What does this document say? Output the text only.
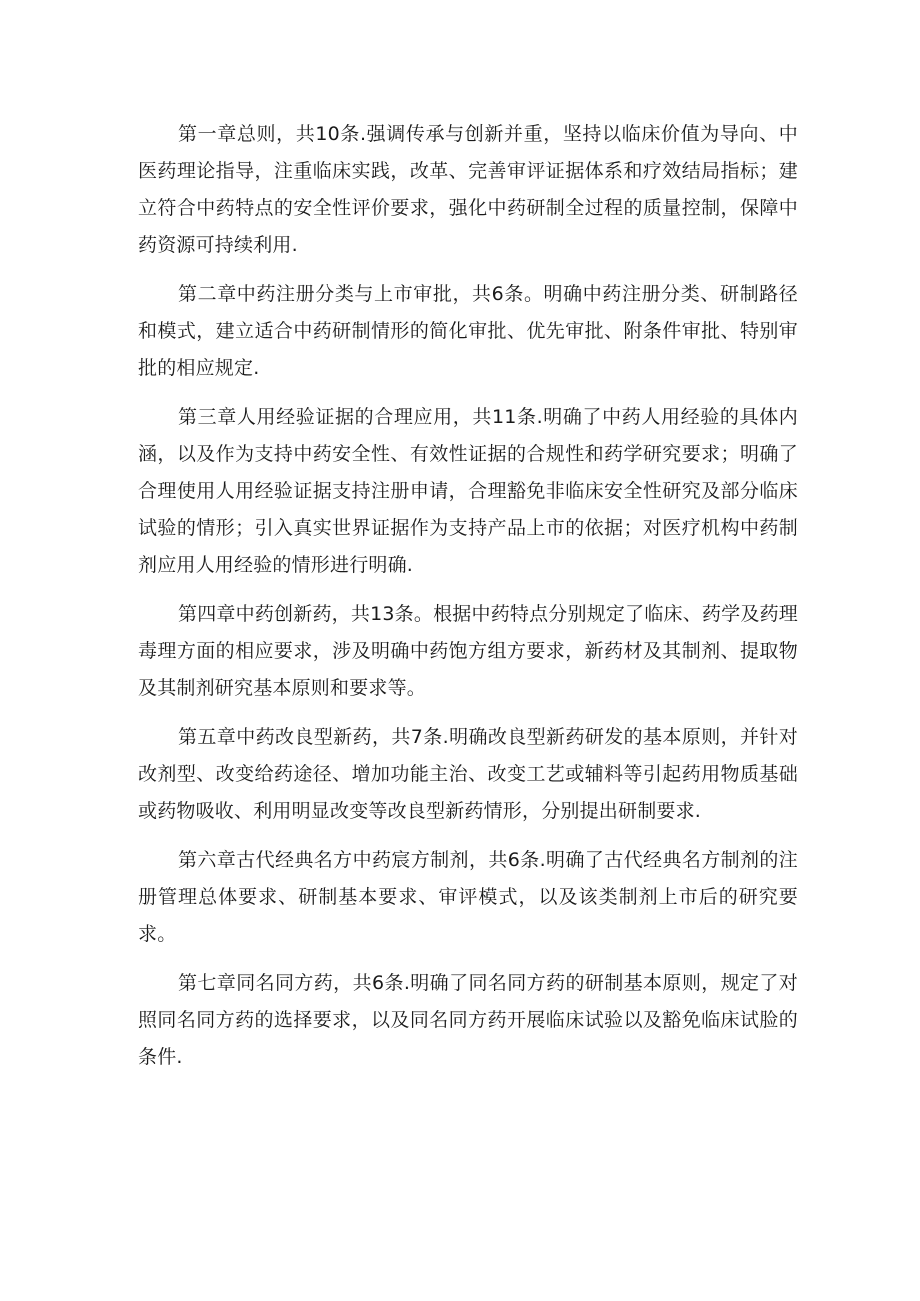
第一章总则，共10条.强调传承与创新并重，坚持以临床价值为导向、中医药理论指导，注重临床实践，改革、完善审评证据体系和疗效结局指标；建立符合中药特点的安全性评价要求，强化中药研制全过程的质量控制，保障中药资源可持续利用.

第二章中药注册分类与上市审批，共6条。明确中药注册分类、研制路径和模式，建立适合中药研制情形的简化审批、优先审批、附条件审批、特别审批的相应规定.

第三章人用经验证据的合理应用，共11条.明确了中药人用经验的具体内涵，以及作为支持中药安全性、有效性证据的合规性和药学研究要求；明确了合理使用人用经验证据支持注册申请，合理豁免非临床安全性研究及部分临床试验的情形；引入真实世界证据作为支持产品上市的依据；对医疗机构中药制剂应用人用经验的情形进行明确.

第四章中药创新药，共13条。根据中药特点分别规定了临床、药学及药理毒理方面的相应要求，涉及明确中药饱方组方要求，新药材及其制剂、提取物及其制剂研究基本原则和要求等。

第五章中药改良型新药，共7条.明确改良型新药研发的基本原则，并针对改剂型、改变给药途径、增加功能主治、改变工艺或辅料等引起药用物质基础或药物吸收、利用明显改变等改良型新药情形，分别提出研制要求.

第六章古代经典名方中药宸方制剂，共6条.明确了古代经典名方制剂的注册管理总体要求、研制基本要求、审评模式，以及该类制剂上市后的研究要求。

第七章同名同方药，共6条.明确了同名同方药的研制基本原则，规定了对照同名同方药的选择要求，以及同名同方药开展临床试验以及豁免临床试脸的条件.
